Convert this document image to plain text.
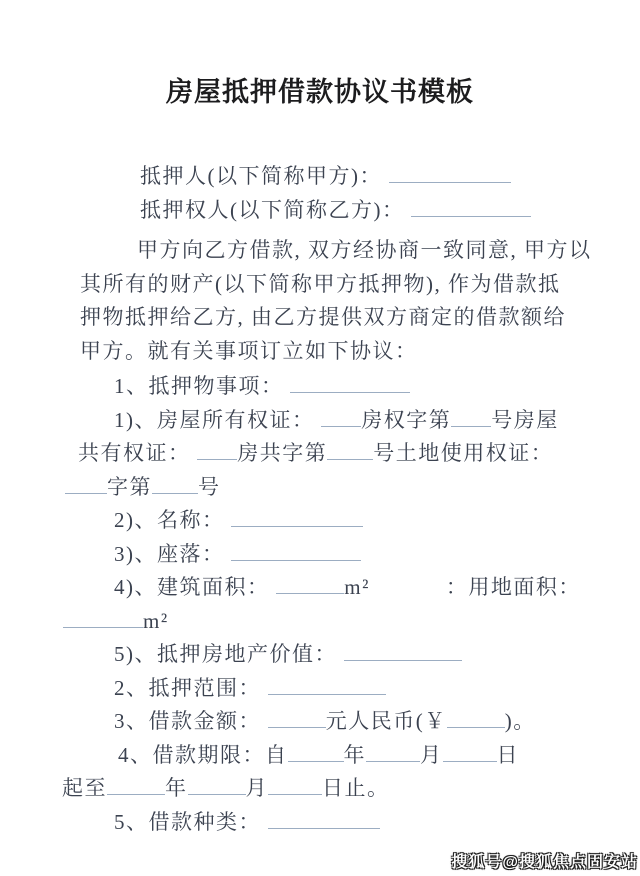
房屋抵押借款协议书模板
抵押人(以下简称甲方)：
抵押权人(以下简称乙方)：
甲方向乙方借款, 双方经协商一致同意, 甲方以
其所有的财产(以下简称甲方抵押物), 作为借款抵
押物抵押给乙方, 由乙方提供双方商定的借款额给
甲方。就有关事项订立如下协议：
1、抵押物事项：
1)、房屋所有权证： 房权字第 号房屋
共有权证： 房共字第 号土地使用权证：
字第 号
2)、名称：
3)、座落：
4)、建筑面积：	m²	：用地面积：
m²
5)、抵押房地产价值：
2、抵押范围：
3、借款金额：	元人民币(￥	)。
4、借款期限：自	年	月	日
起至	年	月	日止。
5、借款种类：
搜狐号@搜狐焦点固安站
